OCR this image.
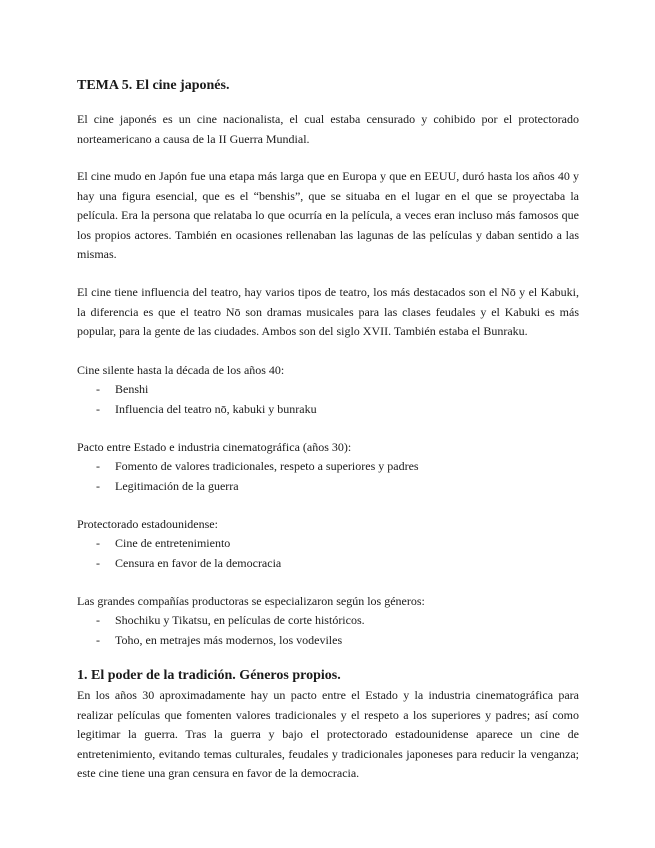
TEMA 5. El cine japonés.

El cine japonés es un cine nacionalista, el cual estaba censurado y cohibido por el protectorado norteamericano a causa de la II Guerra Mundial.

El cine mudo en Japón fue una etapa más larga que en Europa y que en EEUU, duró hasta los años 40 y hay una figura esencial, que es el “benshis”, que se situaba en el lugar en el que se proyectaba la película. Era la persona que relataba lo que ocurría en la película, a veces eran incluso más famosos que los propios actores. También en ocasiones rellenaban las lagunas de las películas y daban sentido a las mismas.

El cine tiene influencia del teatro, hay varios tipos de teatro, los más destacados son el Nō y el Kabuki, la diferencia es que el teatro Nō son dramas musicales para las clases feudales y el Kabuki es más popular, para la gente de las ciudades. Ambos son del siglo XVII. También estaba el Bunraku.

Cine silente hasta la década de los años 40:

- Benshi
- Influencia del teatro nō, kabuki y bunraku

Pacto entre Estado e industria cinematográfica (años 30):

- Fomento de valores tradicionales, respeto a superiores y padres
- Legitimación de la guerra

Protectorado estadounidense:

- Cine de entretenimiento
- Censura en favor de la democracia

Las grandes compañías productoras se especializaron según los géneros:

- Shochiku y Tikatsu, en películas de corte históricos.
- Toho, en metrajes más modernos, los vodeviles
1. El poder de la tradición. Géneros propios.

En los años 30 aproximadamente hay un pacto entre el Estado y la industria cinematográfica para realizar películas que fomenten valores tradicionales y el respeto a los superiores y padres; así como legitimar la guerra. Tras la guerra y bajo el protectorado estadounidense aparece un cine de entretenimiento, evitando temas culturales, feudales y tradicionales japoneses para reducir la venganza; este cine tiene una gran censura en favor de la democracia.
